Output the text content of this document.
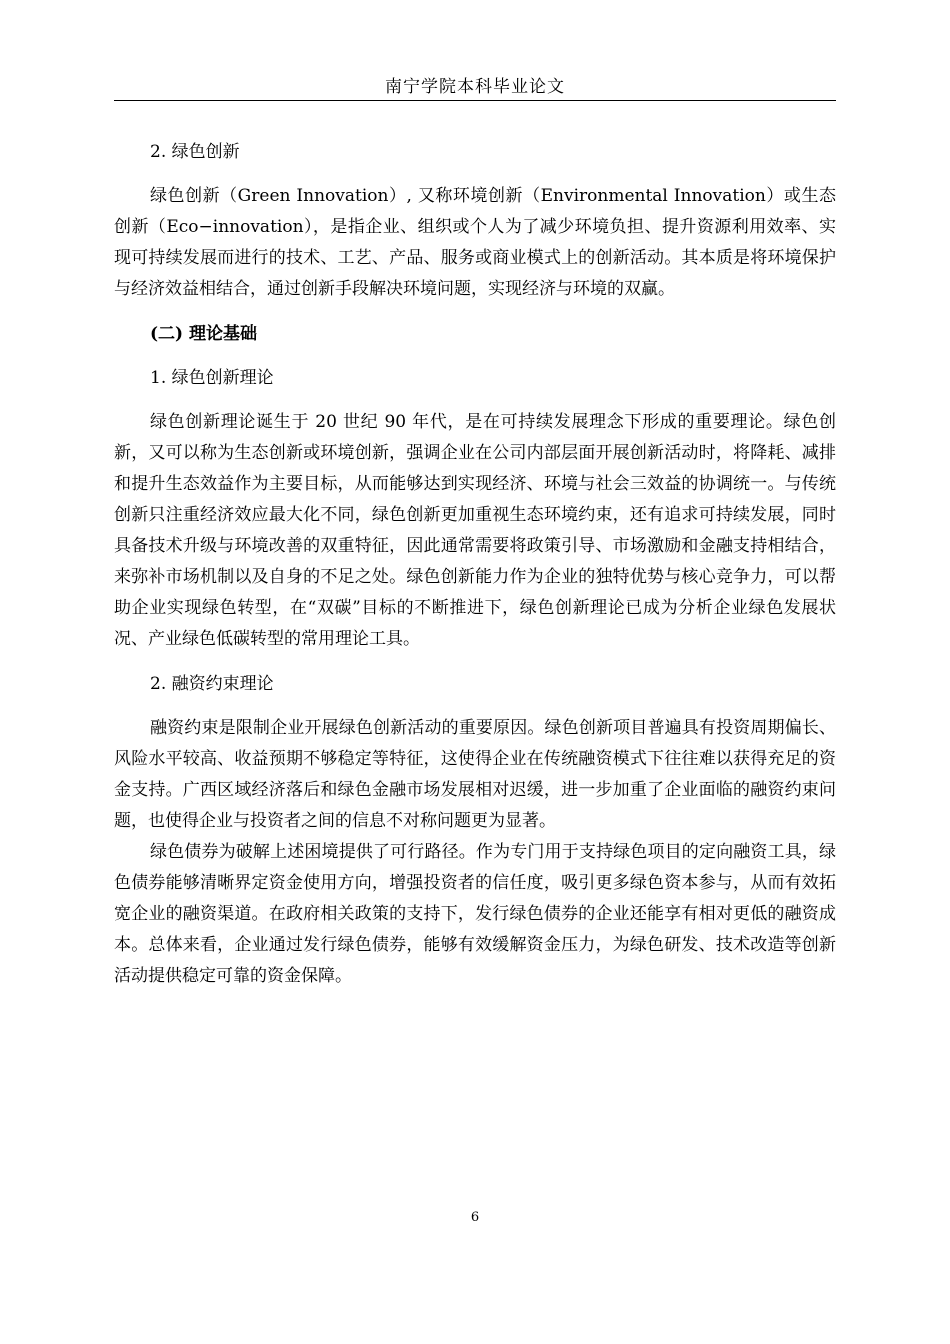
南宁学院本科毕业论文
2. 绿色创新

绿色创新（Green Innovation）, 又称环境创新（Environmental Innovation）或生态创新（Eco−innovation），是指企业、组织或个人为了减少环境负担、提升资源利用效率、实现可持续发展而进行的技术、工艺、产品、服务或商业模式上的创新活动。其本质是将环境保护与经济效益相结合，通过创新手段解决环境问题，实现经济与环境的双赢。

(二) 理论基础
1. 绿色创新理论

绿色创新理论诞生于 20 世纪 90 年代，是在可持续发展理念下形成的重要理论。绿色创新，又可以称为生态创新或环境创新，强调企业在公司内部层面开展创新活动时，将降耗、减排和提升生态效益作为主要目标，从而能够达到实现经济、环境与社会三效益的协调统一。与传统创新只注重经济效应最大化不同，绿色创新更加重视生态环境约束，还有追求可持续发展，同时具备技术升级与环境改善的双重特征，因此通常需要将政策引导、市场激励和金融支持相结合，来弥补市场机制以及自身的不足之处。绿色创新能力作为企业的独特优势与核心竞争力，可以帮助企业实现绿色转型，在“双碳”目标的不断推进下，绿色创新理论已成为分析企业绿色发展状况、产业绿色低碳转型的常用理论工具。

2. 融资约束理论

融资约束是限制企业开展绿色创新活动的重要原因。绿色创新项目普遍具有投资周期偏长、风险水平较高、收益预期不够稳定等特征，这使得企业在传统融资模式下往往难以获得充足的资金支持。广西区域经济落后和绿色金融市场发展相对迟缓，进一步加重了企业面临的融资约束问题，也使得企业与投资者之间的信息不对称问题更为显著。

绿色债券为破解上述困境提供了可行路径。作为专门用于支持绿色项目的定向融资工具，绿色债券能够清晰界定资金使用方向，增强投资者的信任度，吸引更多绿色资本参与，从而有效拓宽企业的融资渠道。在政府相关政策的支持下，发行绿色债券的企业还能享有相对更低的融资成本。总体来看，企业通过发行绿色债券，能够有效缓解资金压力，为绿色研发、技术改造等创新活动提供稳定可靠的资金保障。

6
